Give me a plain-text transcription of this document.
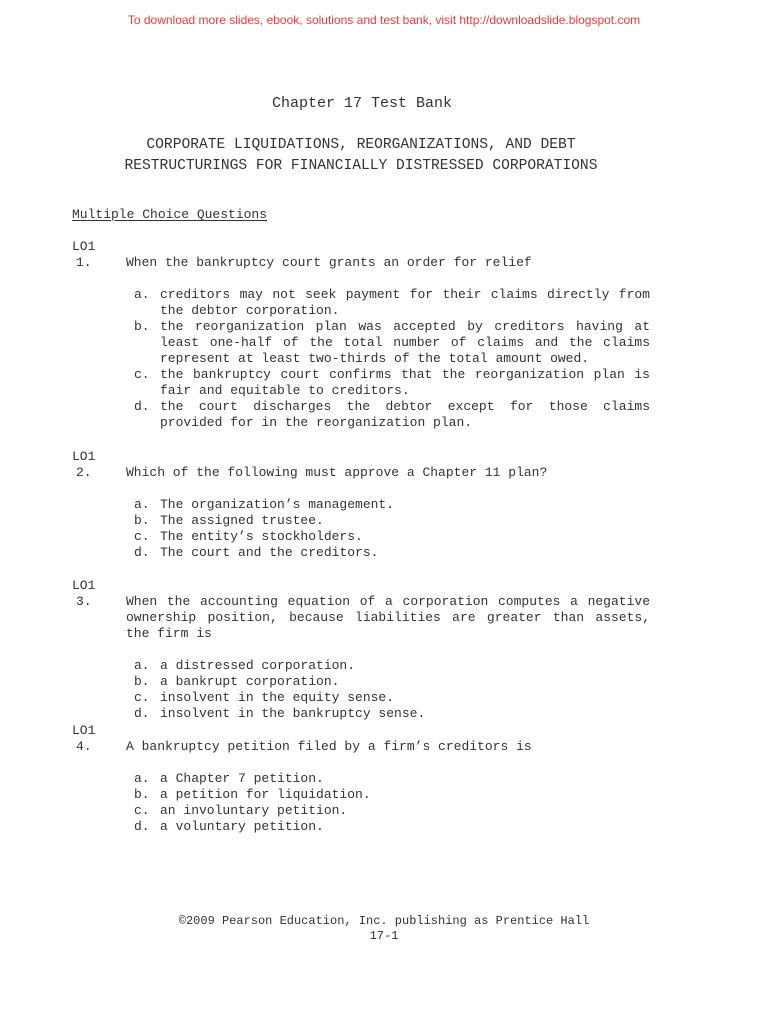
To download more slides, ebook, solutions and test bank, visit http://downloadslide.blogspot.com
Chapter 17 Test Bank
CORPORATE LIQUIDATIONS, REORGANIZATIONS, AND DEBT
RESTRUCTURINGS FOR FINANCIALLY DISTRESSED CORPORATIONS
Multiple Choice Questions
LO1
1.	When the bankruptcy court grants an order for relief
a. creditors may not seek payment for their claims directly from the debtor corporation.
b. the reorganization plan was accepted by creditors having at least one-half of the total number of claims and the claims represent at least two-thirds of the total amount owed.
c. the bankruptcy court confirms that the reorganization plan is fair and equitable to creditors.
d. the court discharges the debtor except for those claims provided for in the reorganization plan.
LO1
2.	Which of the following must approve a Chapter 11 plan?
a. The organization’s management.
b. The assigned trustee.
c. The entity’s stockholders.
d. The court and the creditors.
LO1
3.	When the accounting equation of a corporation computes a negative ownership position, because liabilities are greater than assets, the firm is
a. a distressed corporation.
b. a bankrupt corporation.
c. insolvent in the equity sense.
d. insolvent in the bankruptcy sense.
LO1
4.	A bankruptcy petition filed by a firm’s creditors is
a. a Chapter 7 petition.
b. a petition for liquidation.
c. an involuntary petition.
d. a voluntary petition.
©2009 Pearson Education, Inc. publishing as Prentice Hall
17-1
